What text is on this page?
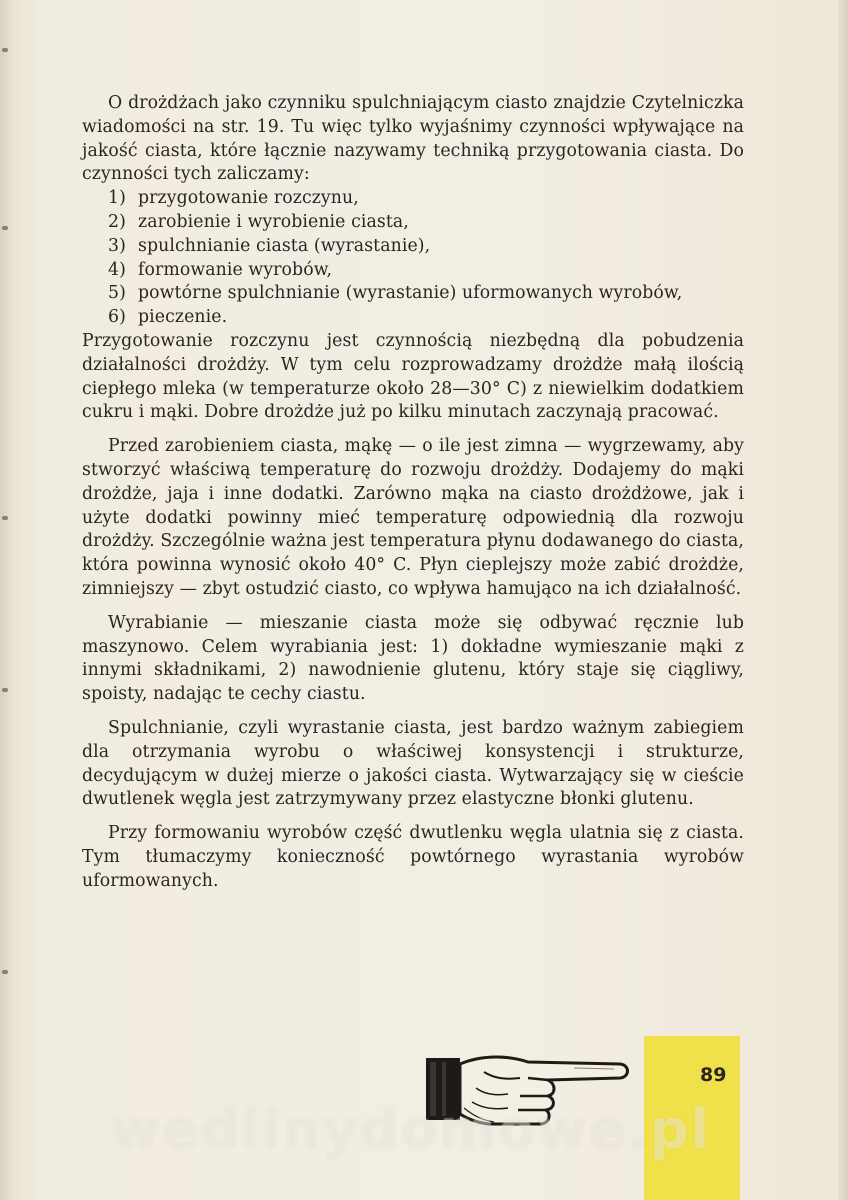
O drożdżach jako czynniku spulchniającym ciasto znajdzie Czytelniczka wiadomości na str. 19. Tu więc tylko wyjaśnimy czynności wpływające na jakość ciasta, które łącznie nazywamy techniką przygotowania ciasta. Do czynności tych zaliczamy:

1) przygotowanie rozczynu,
2) zarobienie i wyrobienie ciasta,
3) spulchnianie ciasta (wyrastanie),
4) formowanie wyrobów,
5) powtórne spulchnianie (wyrastanie) uformowanych wyrobów,
6) pieczenie.

Przygotowanie rozczynu jest czynnością niezbędną dla pobudzenia działalności drożdży. W tym celu rozprowadzamy drożdże małą ilością ciepłego mleka (w temperaturze około 28—30° C) z niewielkim dodatkiem cukru i mąki. Dobre drożdże już po kilku minutach zaczynają pracować.

Przed zarobieniem ciasta, mąkę — o ile jest zimna — wygrzewamy, aby stworzyć właściwą temperaturę do rozwoju drożdży. Dodajemy do mąki drożdże, jaja i inne dodatki. Zarówno mąka na ciasto drożdżowe, jak i użyte dodatki powinny mieć temperaturę odpowiednią dla rozwoju drożdży. Szczególnie ważna jest temperatura płynu dodawanego do ciasta, która powinna wynosić około 40° C. Płyn cieplejszy może zabić drożdże, zimniejszy — zbyt ostudzić ciasto, co wpływa hamująco na ich działalność.

Wyrabianie — mieszanie ciasta może się odbywać ręcznie lub maszynowo. Celem wyrabiania jest: 1) dokładne wymieszanie mąki z innymi składnikami, 2) nawodnienie glutenu, który staje się ciągliwy, spoisty, nadając te cechy ciastu.

Spulchnianie, czyli wyrastanie ciasta, jest bardzo ważnym zabiegiem dla otrzymania wyrobu o właściwej konsystencji i strukturze, decydującym w dużej mierze o jakości ciasta. Wytwarzający się w cieście dwutlenek węgla jest zatrzymywany przez elastyczne błonki glutenu.

Przy formowaniu wyrobów część dwutlenku węgla ulatnia się z ciasta. Tym tłumaczymy konieczność powtórnego wyrastania wyrobów uformowanych.

89
wedlinydomowe.pl
